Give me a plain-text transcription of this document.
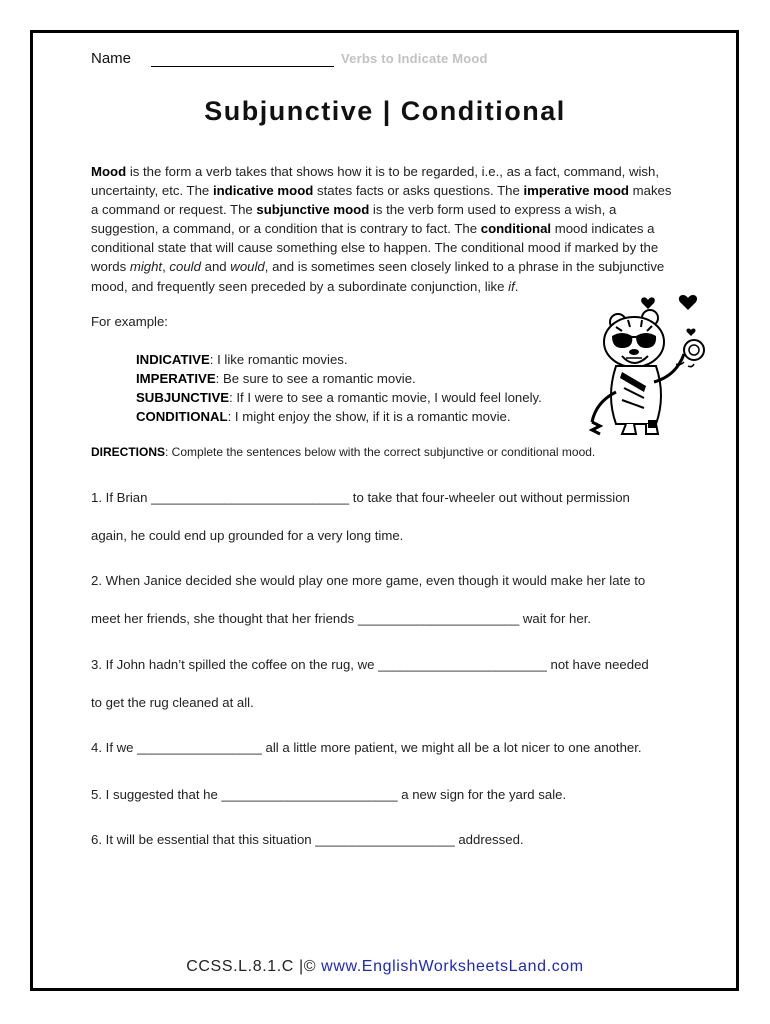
Name	Verbs to Indicate Mood
Subjunctive | Conditional
Mood is the form a verb takes that shows how it is to be regarded, i.e., as a fact, command, wish, uncertainty, etc. The indicative mood states facts or asks questions. The imperative mood makes a command or request. The subjunctive mood is the verb form used to express a wish, a suggestion, a command, or a condition that is contrary to fact. The conditional mood indicates a conditional state that will cause something else to happen. The conditional mood if marked by the words might, could and would, and is sometimes seen closely linked to a phrase in the subjunctive mood, and frequently seen preceded by a subordinate conjunction, like if.
For example:
INDICATIVE: I like romantic movies.
IMPERATIVE: Be sure to see a romantic movie.
SUBJUNCTIVE: If I were to see a romantic movie, I would feel lonely.
CONDITIONAL: I might enjoy the show, if it is a romantic movie.
DIRECTIONS: Complete the sentences below with the correct subjunctive or conditional mood.
1. If Brian ___________________________ to take that four-wheeler out without permission
again, he could end up grounded for a very long time.
2. When Janice decided she would play one more game, even though it would make her late to
meet her friends, she thought that her friends ______________________ wait for her.
3. If John hadn’t spilled the coffee on the rug, we _______________________ not have needed
to get the rug cleaned at all.
4. If we _________________ all a little more patient, we might all be a lot nicer to one another.
5. I suggested that he ________________________ a new sign for the yard sale.
6. It will be essential that this situation ___________________ addressed.
CCSS.L.8.1.C |© www.EnglishWorksheetsLand.com
